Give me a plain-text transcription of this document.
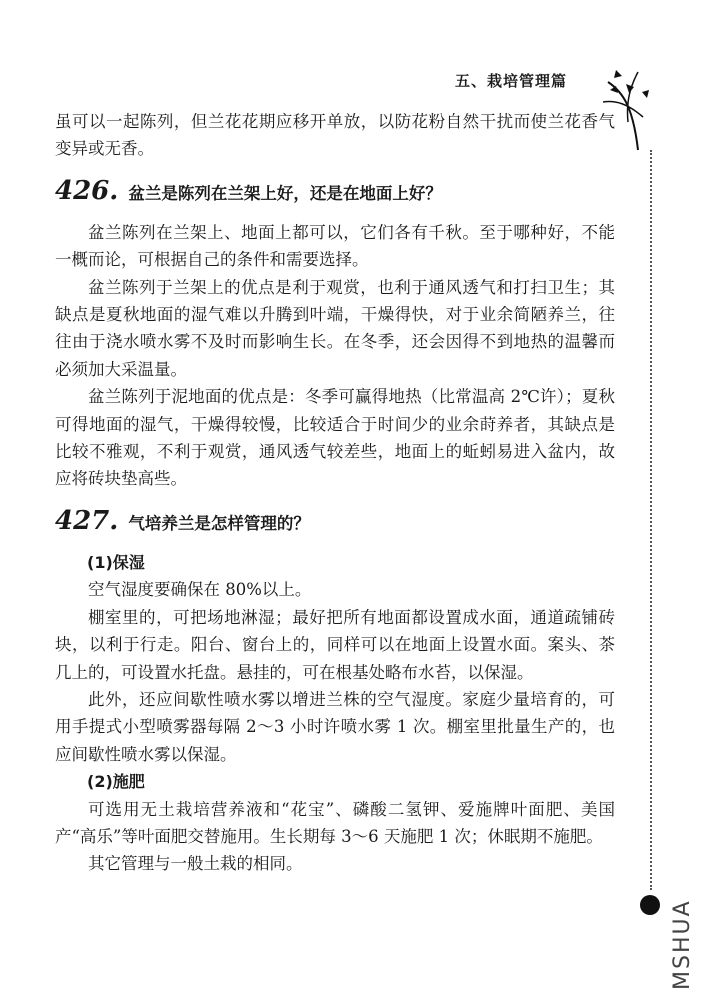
五、栽培管理篇
MSHUA

虽可以一起陈列，但兰花花期应移开单放，以防花粉自然干扰而使兰花香气变异或无香。

426. 盆兰是陈列在兰架上好，还是在地面上好？

盆兰陈列在兰架上、地面上都可以，它们各有千秋。至于哪种好，不能一概而论，可根据自己的条件和需要选择。

盆兰陈列于兰架上的优点是利于观赏，也利于通风透气和打扫卫生；其缺点是夏秋地面的湿气难以升腾到叶端，干燥得快，对于业余简陋养兰，往往由于浇水喷水雾不及时而影响生长。在冬季，还会因得不到地热的温馨而必须加大采温量。

盆兰陈列于泥地面的优点是：冬季可赢得地热（比常温高 2℃许）；夏秋可得地面的湿气，干燥得较慢，比较适合于时间少的业余莳养者，其缺点是比较不雅观，不利于观赏，通风透气较差些，地面上的蚯蚓易进入盆内，故应将砖块垫高些。

427. 气培养兰是怎样管理的？
(1)保湿

空气湿度要确保在 80%以上。

棚室里的，可把场地淋湿；最好把所有地面都设置成水面，通道疏铺砖块，以利于行走。阳台、窗台上的，同样可以在地面上设置水面。案头、茶几上的，可设置水托盘。悬挂的，可在根基处略布水苔，以保湿。

此外，还应间歇性喷水雾以增进兰株的空气湿度。家庭少量培育的，可用手提式小型喷雾器每隔 2～3 小时许喷水雾 1 次。棚室里批量生产的，也应间歇性喷水雾以保湿。

(2)施肥

可选用无土栽培营养液和“花宝”、磷酸二氢钾、爱施牌叶面肥、美国产“高乐”等叶面肥交替施用。生长期每 3～6 天施肥 1 次；休眠期不施肥。

其它管理与一般土栽的相同。
